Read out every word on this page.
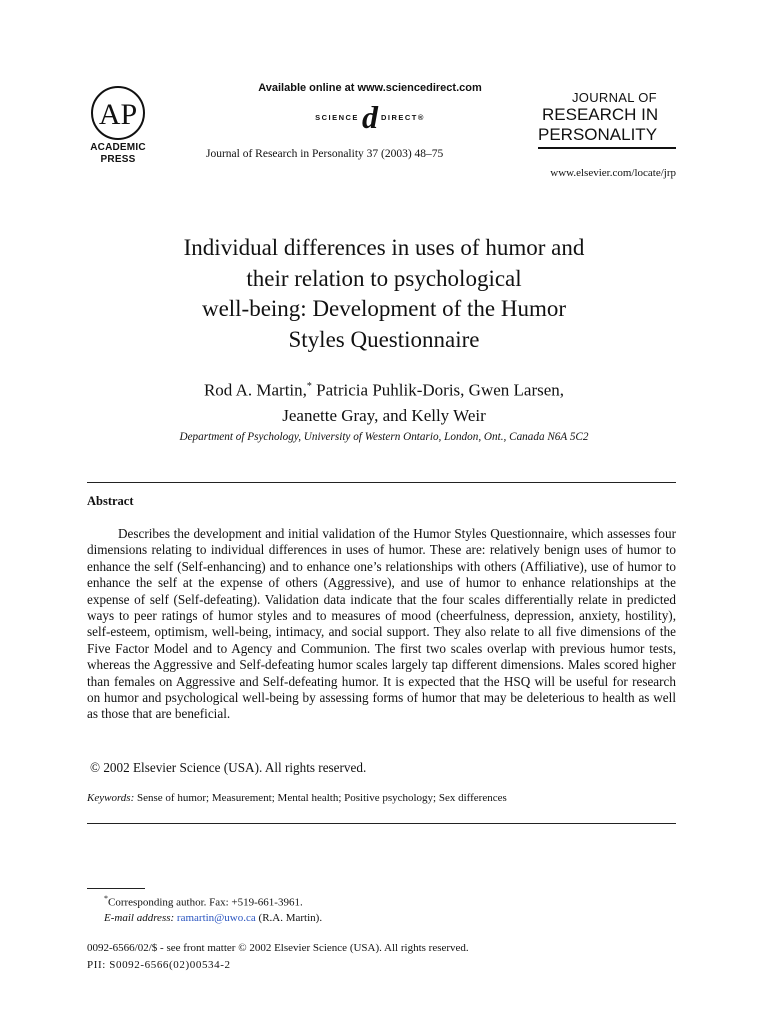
AP
ACADEMIC
PRESS
Available online at www.sciencedirect.com
SCIENCE d DIRECT®
Journal of Research in Personality 37 (2003) 48–75
JOURNAL OF
RESEARCH IN
PERSONALITY
www.elsevier.com/locate/jrp
Individual differences in uses of humor and
their relation to psychological
well-being: Development of the Humor
Styles Questionnaire
Rod A. Martin,* Patricia Puhlik-Doris, Gwen Larsen,
Jeanette Gray, and Kelly Weir
Department of Psychology, University of Western Ontario, London, Ont., Canada N6A 5C2
Abstract

Describes the development and initial validation of the Humor Styles Questionnaire, which assesses four dimensions relating to individual differences in uses of humor. These are: relatively benign uses of humor to enhance the self (Self-enhancing) and to enhance one’s relationships with others (Affiliative), use of humor to enhance the self at the expense of others (Aggressive), and use of humor to enhance relationships at the expense of self (Self-defeating). Validation data indicate that the four scales differentially relate in predicted ways to peer ratings of humor styles and to measures of mood (cheerfulness, depression, anxiety, hostility), self-esteem, optimism, well-being, intimacy, and social support. They also relate to all five dimensions of the Five Factor Model and to Agency and Communion. The first two scales overlap with previous humor tests, whereas the Aggressive and Self-defeating humor scales largely tap different dimensions. Males scored higher than females on Aggressive and Self-defeating humor. It is expected that the HSQ will be useful for research on humor and psychological well-being by assessing forms of humor that may be deleterious to health as well as those that are beneficial.

© 2002 Elsevier Science (USA). All rights reserved.
Keywords: Sense of humor; Measurement; Mental health; Positive psychology; Sex differences
*Corresponding author. Fax: +519-661-3961.
E-mail address: ramartin@uwo.ca (R.A. Martin).
0092-6566/02/$ - see front matter © 2002 Elsevier Science (USA). All rights reserved.
PII: S0092-6566(02)00534-2
